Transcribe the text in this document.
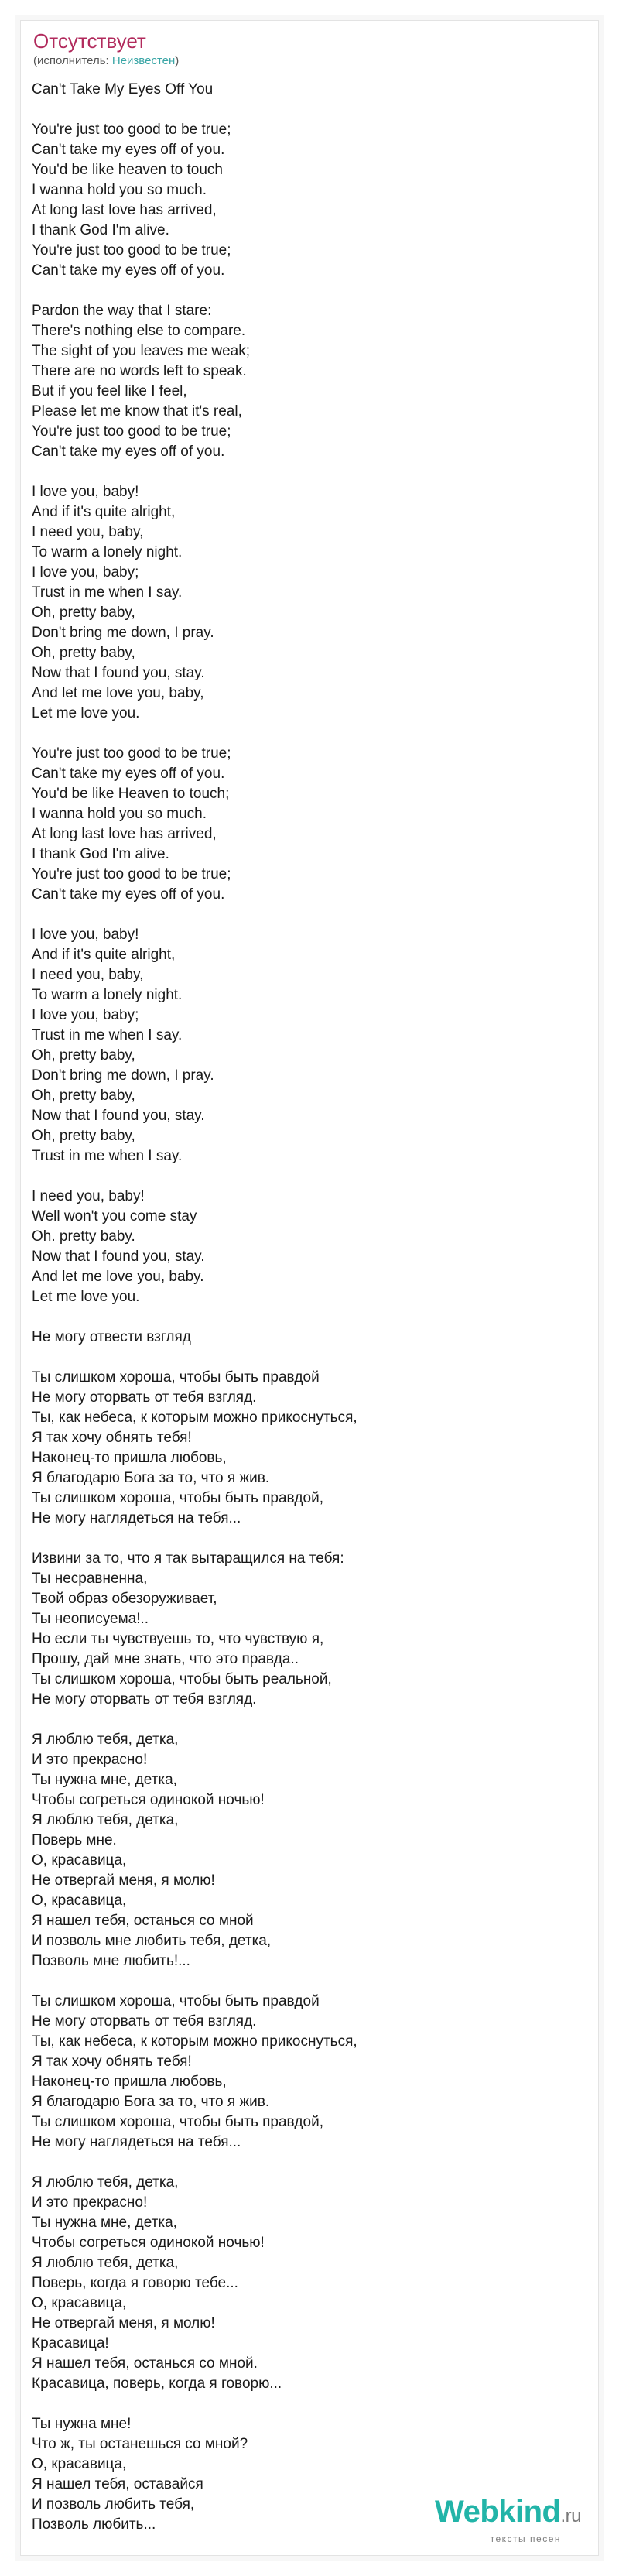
Отсутствует
(исполнитель: Неизвестен)
Can't Take My Eyes Off You
You're just too good to be true;
Can't take my eyes off of you.
You'd be like heaven to touch
I wanna hold you so much.
At long last love has arrived,
I thank God I'm alive.
You're just too good to be true;
Can't take my eyes off of you.
Pardon the way that I stare:
There's nothing else to compare.
The sight of you leaves me weak;
There are no words left to speak.
But if you feel like I feel,
Please let me know that it's real,
You're just too good to be true;
Can't take my eyes off of you.
I love you, baby!
And if it's quite alright,
I need you, baby,
To warm a lonely night.
I love you, baby;
Trust in me when I say.
Oh, pretty baby,
Don't bring me down, I pray.
Oh, pretty baby,
Now that I found you, stay.
And let me love you, baby,
Let me love you.
You're just too good to be true;
Can't take my eyes off of you.
You'd be like Heaven to touch;
I wanna hold you so much.
At long last love has arrived,
I thank God I'm alive.
You're just too good to be true;
Can't take my eyes off of you.
I love you, baby!
And if it's quite alright,
I need you, baby,
To warm a lonely night.
I love you, baby;
Trust in me when I say.
Oh, pretty baby,
Don't bring me down, I pray.
Oh, pretty baby,
Now that I found you, stay.
Oh, pretty baby,
Trust in me when I say.
I need you, baby!
Well won't you come stay
Oh. pretty baby.
Now that I found you, stay.
And let me love you, baby.
Let me love you.
Не могу отвести взгляд
Ты слишком хороша, чтобы быть правдой
Не могу оторвать от тебя взгляд.
Ты, как небеса, к которым можно прикоснуться,
Я так хочу обнять тебя!
Наконец-то пришла любовь,
Я благодарю Бога за то, что я жив.
Ты слишком хороша, чтобы быть правдой,
Не могу наглядеться на тебя...
Извини за то, что я так вытаращился на тебя:
Ты несравненна,
Твой образ обезоруживает,
Ты неописуема!..
Но если ты чувствуешь то, что чувствую я,
Прошу, дай мне знать, что это правда..
Ты слишком хороша, чтобы быть реальной,
Не могу оторвать от тебя взгляд.
Я люблю тебя, детка,
И это прекрасно!
Ты нужна мне, детка,
Чтобы согреться одинокой ночью!
Я люблю тебя, детка,
Поверь мне.
О, красавица,
Не отвергай меня, я молю!
О, красавица,
Я нашел тебя, останься со мной
И позволь мне любить тебя, детка,
Позволь мне любить!...
Ты слишком хороша, чтобы быть правдой
Не могу оторвать от тебя взгляд.
Ты, как небеса, к которым можно прикоснуться,
Я так хочу обнять тебя!
Наконец-то пришла любовь,
Я благодарю Бога за то, что я жив.
Ты слишком хороша, чтобы быть правдой,
Не могу наглядеться на тебя...
Я люблю тебя, детка,
И это прекрасно!
Ты нужна мне, детка,
Чтобы согреться одинокой ночью!
Я люблю тебя, детка,
Поверь, когда я говорю тебе...
О, красавица,
Не отвергай меня, я молю!
Красавица!
Я нашел тебя, останься со мной.
Красавица, поверь, когда я говорю...
Ты нужна мне!
Что ж, ты останешься со мной?
О, красавица,
Я нашел тебя, оставайся
И позволь любить тебя,
Позволь любить...	Webkind.ru
тексты песен
